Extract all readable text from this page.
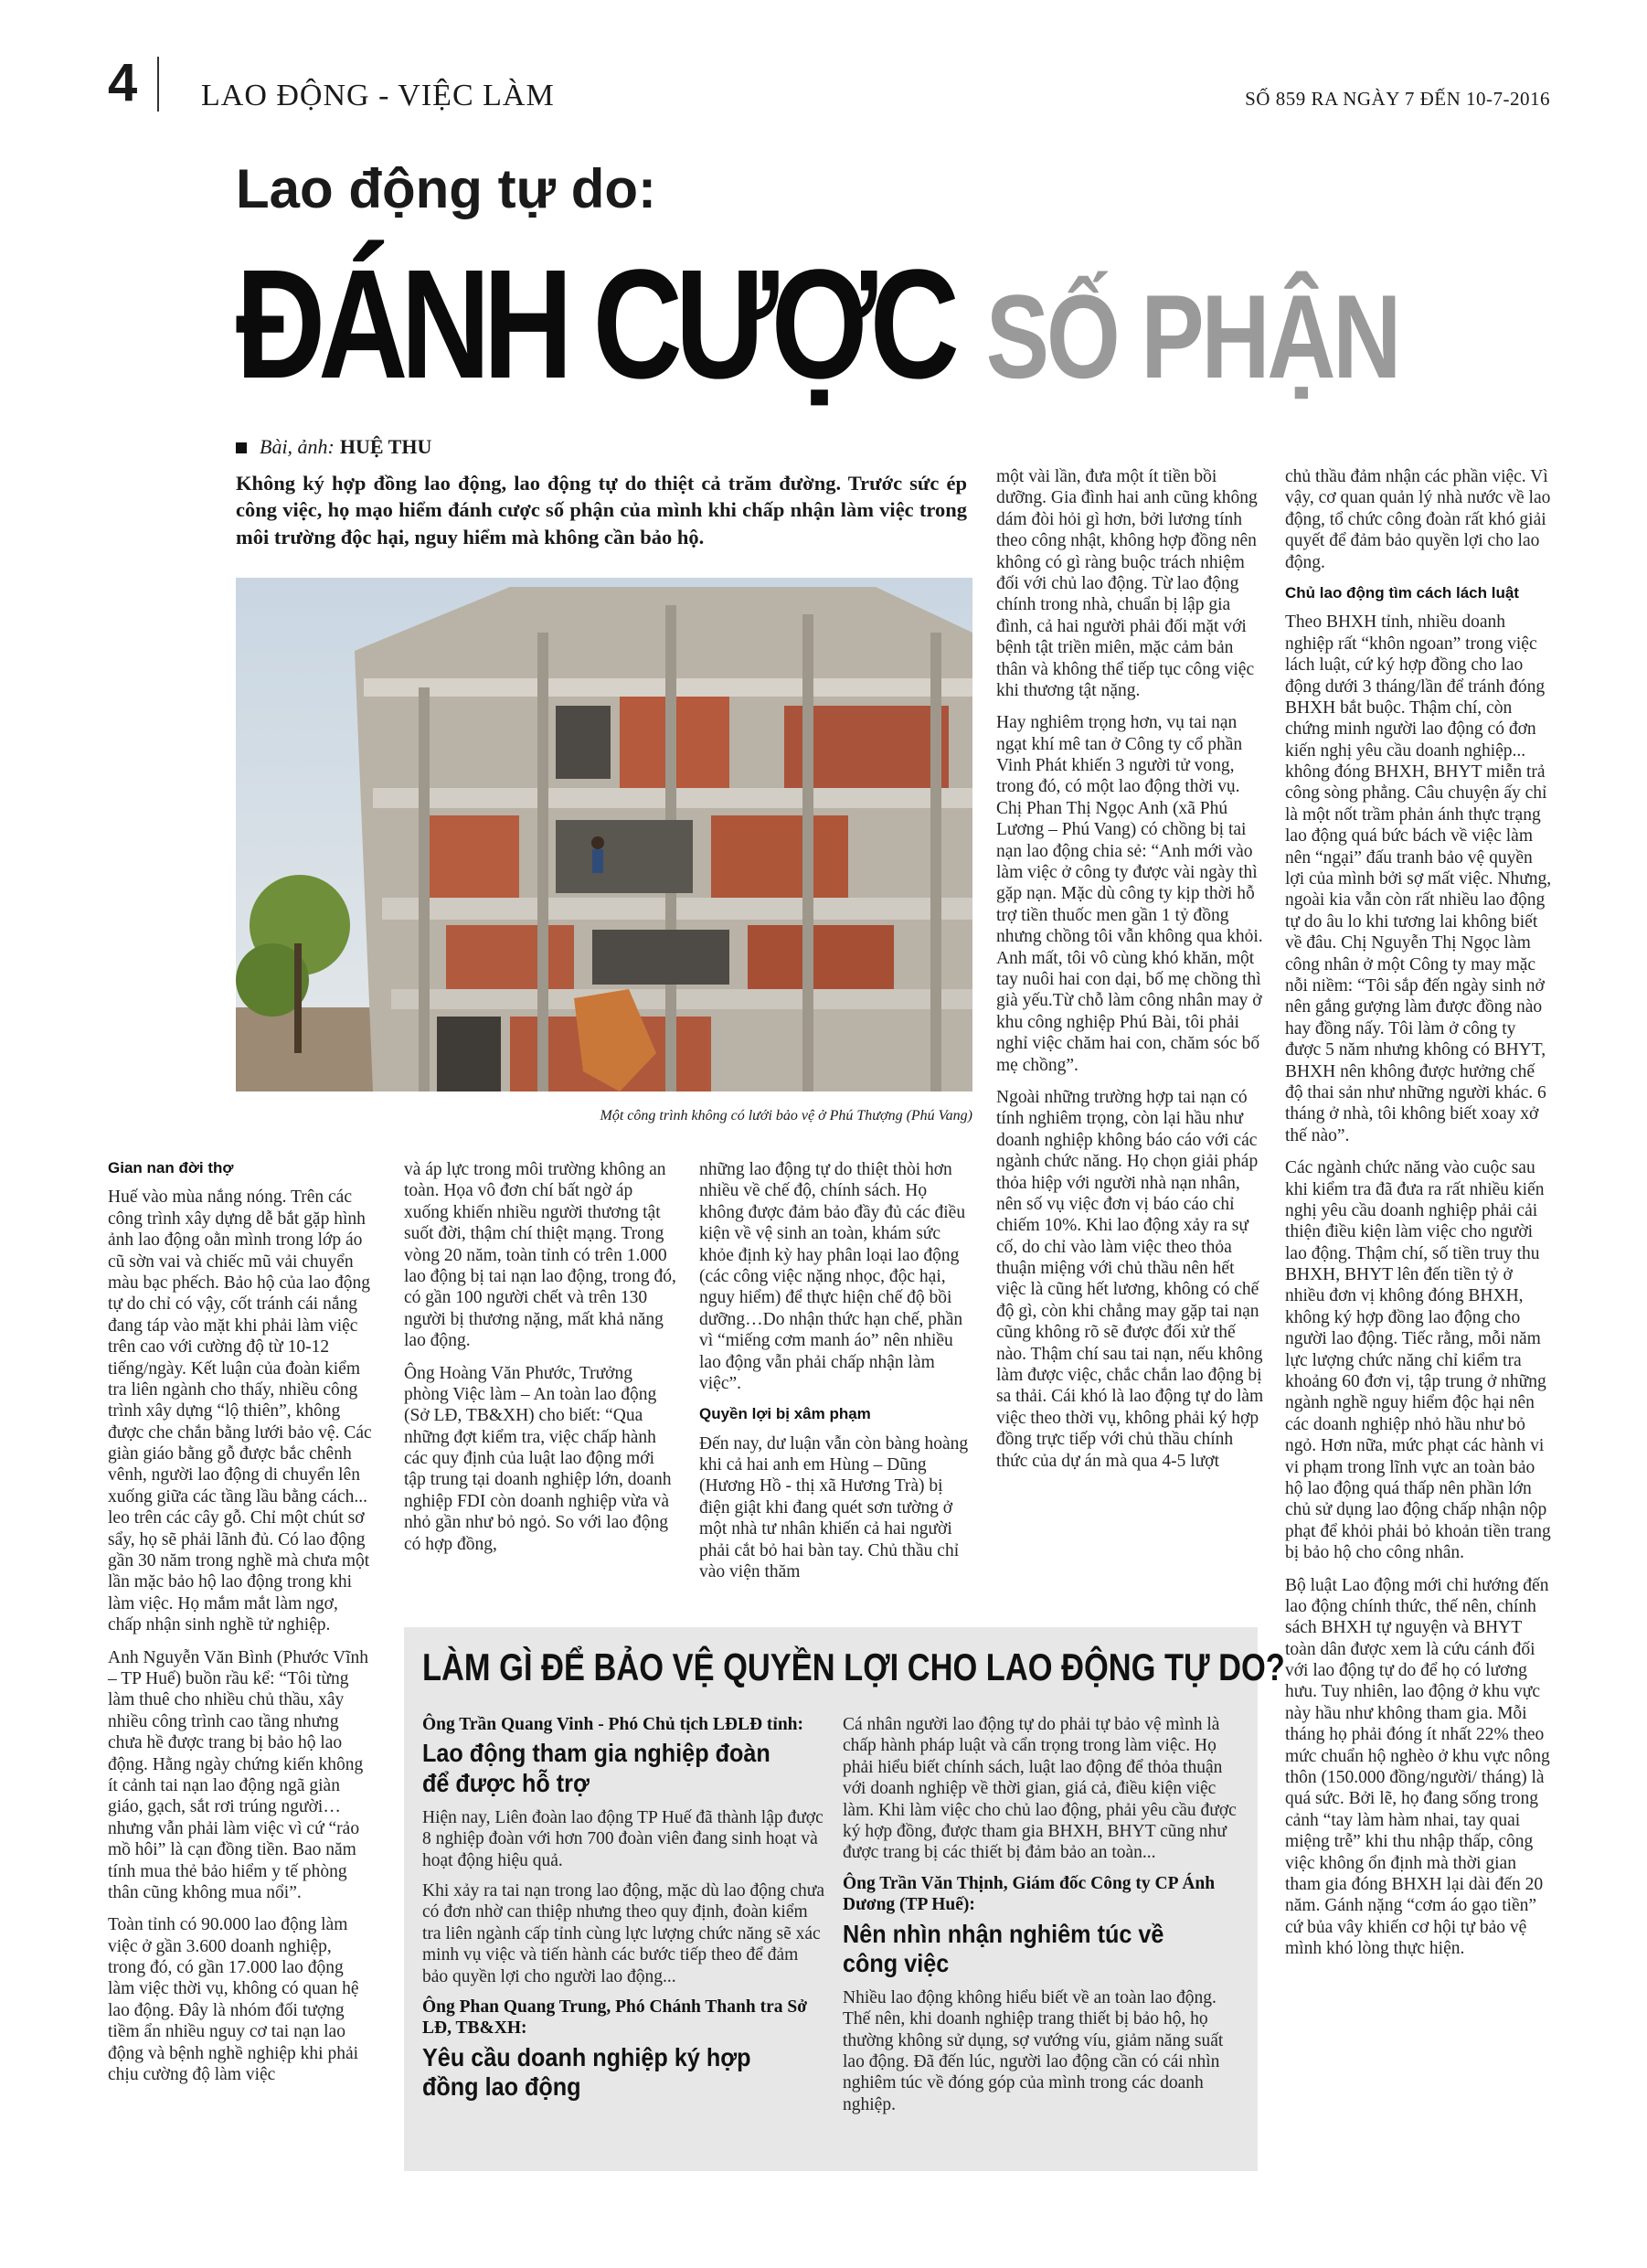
4 LAO ĐỘNG - VIỆC LÀM	SỐ 859 RA NGÀY 7 ĐẾN 10-7-2016
Lao động tự do:
ĐÁNH CƯỢC SỐ PHẬN
Bài, ảnh: HUỆ THU
Không ký hợp đồng lao động, lao động tự do thiệt cả trăm đường. Trước sức ép công việc, họ mạo hiểm đánh cược số phận của mình khi chấp nhận làm việc trong môi trường độc hại, nguy hiểm mà không cần bảo hộ.
Một công trình không có lưới bảo vệ ở Phú Thượng (Phú Vang)
Gian nan đời thợ

Huế vào mùa nắng nóng. Trên các công trình xây dựng dễ bắt gặp hình ảnh lao động oằn mình trong lớp áo cũ sờn vai và chiếc mũ vải chuyển màu bạc phếch. Bảo hộ của lao động tự do chỉ có vậy, cốt tránh cái nắng đang táp vào mặt khi phải làm việc trên cao với cường độ từ 10-12 tiếng/ngày. Kết luận của đoàn kiểm tra liên ngành cho thấy, nhiều công trình xây dựng “lộ thiên”, không được che chắn bằng lưới bảo vệ. Các giàn giáo bằng gỗ được bắc chênh vênh, người lao động di chuyển lên xuống giữa các tầng lầu bằng cách... leo trên các cây gỗ. Chỉ một chút sơ sẩy, họ sẽ phải lãnh đủ. Có lao động gần 30 năm trong nghề mà chưa một lần mặc bảo hộ lao động trong khi làm việc. Họ mắm mắt làm ngơ, chấp nhận sinh nghề tử nghiệp.

Anh Nguyễn Văn Bình (Phước Vĩnh – TP Huế) buồn rầu kể: “Tôi từng làm thuê cho nhiều chủ thầu, xây nhiều công trình cao tầng nhưng chưa hề được trang bị bảo hộ lao động. Hằng ngày chứng kiến không ít cảnh tai nạn lao động ngã giàn giáo, gạch, sắt rơi trúng người… nhưng vẫn phải làm việc vì cứ “rảo mồ hôi” là cạn đồng tiền. Bao năm tính mua thẻ bảo hiểm y tế phòng thân cũng không mua nổi”.

Toàn tỉnh có 90.000 lao động làm việc ở gần 3.600 doanh nghiệp, trong đó, có gần 17.000 lao động làm việc thời vụ, không có quan hệ lao động. Đây là nhóm đối tượng tiềm ẩn nhiều nguy cơ tai nạn lao động và bệnh nghề nghiệp khi phải chịu cường độ làm việc

và áp lực trong môi trường không an toàn. Họa vô đơn chí bất ngờ áp xuống khiến nhiều người thương tật suốt đời, thậm chí thiệt mạng. Trong vòng 20 năm, toàn tỉnh có trên 1.000 lao động bị tai nạn lao động, trong đó, có gần 100 người chết và trên 130 người bị thương nặng, mất khả năng lao động.

Ông Hoàng Văn Phước, Trưởng phòng Việc làm – An toàn lao động (Sở LĐ, TB&XH) cho biết: “Qua những đợt kiểm tra, việc chấp hành các quy định của luật lao động mới tập trung tại doanh nghiệp lớn, doanh nghiệp FDI còn doanh nghiệp vừa và nhỏ gần như bỏ ngỏ. So với lao động có hợp đồng,

những lao động tự do thiệt thòi hơn nhiều về chế độ, chính sách. Họ không được đảm bảo đầy đủ các điều kiện về vệ sinh an toàn, khám sức khỏe định kỳ hay phân loại lao động (các công việc nặng nhọc, độc hại, nguy hiểm) để thực hiện chế độ bồi dưỡng…Do nhận thức hạn chế, phần vì “miếng cơm manh áo” nên nhiều lao động vẫn phải chấp nhận làm việc”.

Quyền lợi bị xâm phạm

Đến nay, dư luận vẫn còn bàng hoàng khi cả hai anh em Hùng – Dũng (Hương Hồ - thị xã Hương Trà) bị điện giật khi đang quét sơn tường ở một nhà tư nhân khiến cả hai người phải cắt bỏ hai bàn tay. Chủ thầu chỉ vào viện thăm

một vài lần, đưa một ít tiền bồi dưỡng. Gia đình hai anh cũng không dám đòi hỏi gì hơn, bởi lương tính theo công nhật, không hợp đồng nên không có gì ràng buộc trách nhiệm đối với chủ lao động. Từ lao động chính trong nhà, chuẩn bị lập gia đình, cả hai người phải đối mặt với bệnh tật triền miên, mặc cảm bản thân và không thể tiếp tục công việc khi thương tật nặng.

Hay nghiêm trọng hơn, vụ tai nạn ngạt khí mê tan ở Công ty cổ phần Vinh Phát khiến 3 người tử vong, trong đó, có một lao động thời vụ. Chị Phan Thị Ngọc Anh (xã Phú Lương – Phú Vang) có chồng bị tai nạn lao động chia sẻ: “Anh mới vào làm việc ở công ty được vài ngày thì gặp nạn. Mặc dù công ty kịp thời hỗ trợ tiền thuốc men gần 1 tỷ đồng nhưng chồng tôi vẫn không qua khỏi. Anh mất, tôi vô cùng khó khăn, một tay nuôi hai con dại, bố mẹ chồng thì già yếu.Từ chỗ làm công nhân may ở khu công nghiệp Phú Bài, tôi phải nghỉ việc chăm hai con, chăm sóc bố mẹ chồng”.

Ngoài những trường hợp tai nạn có tính nghiêm trọng, còn lại hầu như doanh nghiệp không báo cáo với các ngành chức năng. Họ chọn giải pháp thỏa hiệp với người nhà nạn nhân, nên số vụ việc đơn vị báo cáo chỉ chiếm 10%. Khi lao động xảy ra sự cố, do chỉ vào làm việc theo thỏa thuận miệng với chủ thầu nên hết việc là cũng hết lương, không có chế độ gì, còn khi chẳng may gặp tai nạn cũng không rõ sẽ được đối xử thế nào. Thậm chí sau tai nạn, nếu không làm được việc, chắc chắn lao động bị sa thải. Cái khó là lao động tự do làm việc theo thời vụ, không phải ký hợp đồng trực tiếp với chủ thầu chính thức của dự án mà qua 4-5 lượt

chủ thầu đảm nhận các phần việc. Vì vậy, cơ quan quản lý nhà nước về lao động, tổ chức công đoàn rất khó giải quyết để đảm bảo quyền lợi cho lao động.

Chủ lao động tìm cách lách luật

Theo BHXH tỉnh, nhiều doanh nghiệp rất “khôn ngoan” trong việc lách luật, cứ ký hợp đồng cho lao động dưới 3 tháng/lần để tránh đóng BHXH bắt buộc. Thậm chí, còn chứng minh người lao động có đơn kiến nghị yêu cầu doanh nghiệp... không đóng BHXH, BHYT miễn trả công sòng phẳng. Câu chuyện ấy chỉ là một nốt trầm phản ánh thực trạng lao động quá bức bách về việc làm nên “ngại” đấu tranh bảo vệ quyền lợi của mình bởi sợ mất việc. Nhưng, ngoài kia vẫn còn rất nhiều lao động tự do âu lo khi tương lai không biết về đâu. Chị Nguyễn Thị Ngọc làm công nhân ở một Công ty may mặc nỗi niềm: “Tôi sắp đến ngày sinh nở nên gắng gượng làm được đồng nào hay đồng nấy. Tôi làm ở công ty được 5 năm nhưng không có BHYT, BHXH nên không được hưởng chế độ thai sản như những người khác. 6 tháng ở nhà, tôi không biết xoay xở thế nào”.

Các ngành chức năng vào cuộc sau khi kiểm tra đã đưa ra rất nhiều kiến nghị yêu cầu doanh nghiệp phải cải thiện điều kiện làm việc cho người lao động. Thậm chí, số tiền truy thu BHXH, BHYT lên đến tiền tỷ ở nhiều đơn vị không đóng BHXH, không ký hợp đồng lao động cho người lao động. Tiếc rằng, mỗi năm lực lượng chức năng chỉ kiểm tra khoảng 60 đơn vị, tập trung ở những ngành nghề nguy hiểm độc hại nên các doanh nghiệp nhỏ hầu như bỏ ngỏ. Hơn nữa, mức phạt các hành vi vi phạm trong lĩnh vực an toàn bảo hộ lao động quá thấp nên phần lớn chủ sử dụng lao động chấp nhận nộp phạt để khỏi phải bỏ khoản tiền trang bị bảo hộ cho công nhân.

Bộ luật Lao động mới chỉ hướng đến lao động chính thức, thế nên, chính sách BHXH tự nguyện và BHYT toàn dân được xem là cứu cánh đối với lao động tự do để họ có lương hưu. Tuy nhiên, lao động ở khu vực này hầu như không tham gia. Mỗi tháng họ phải đóng ít nhất 22% theo mức chuẩn hộ nghèo ở khu vực nông thôn (150.000 đồng/người/ tháng) là quá sức. Bởi lẽ, họ đang sống trong cảnh “tay làm hàm nhai, tay quai miệng trễ” khi thu nhập thấp, công việc không ổn định mà thời gian tham gia đóng BHXH lại dài đến 20 năm. Gánh nặng “cơm áo gạo tiền” cứ bủa vây khiến cơ hội tự bảo vệ mình khó lòng thực hiện.

LÀM GÌ ĐỂ BẢO VỆ QUYỀN LỢI CHO LAO ĐỘNG TỰ DO?
Ông Trần Quang Vinh - Phó Chủ tịch LĐLĐ tỉnh:
Lao động tham gia nghiệp đoàn để được hỗ trợ

Hiện nay, Liên đoàn lao động TP Huế đã thành lập được 8 nghiệp đoàn với hơn 700 đoàn viên đang sinh hoạt và hoạt động hiệu quả.

Khi xảy ra tai nạn trong lao động, mặc dù lao động chưa có đơn nhờ can thiệp nhưng theo quy định, đoàn kiểm tra liên ngành cấp tỉnh cùng lực lượng chức năng sẽ xác minh vụ việc và tiến hành các bước tiếp theo để đảm bảo quyền lợi cho người lao động...

Ông Phan Quang Trung, Phó Chánh Thanh tra Sở LĐ, TB&XH:
Yêu cầu doanh nghiệp ký hợp đồng lao động

Cá nhân người lao động tự do phải tự bảo vệ mình là chấp hành pháp luật và cẩn trọng trong làm việc. Họ phải hiểu biết chính sách, luật lao động để thỏa thuận với doanh nghiệp về thời gian, giá cả, điều kiện việc làm. Khi làm việc cho chủ lao động, phải yêu cầu được ký hợp đồng, được tham gia BHXH, BHYT cũng như được trang bị các thiết bị đảm bảo an toàn...

Ông Trần Văn Thịnh, Giám đốc Công ty CP Ánh Dương (TP Huế):
Nên nhìn nhận nghiêm túc về công việc

Nhiều lao động không hiểu biết về an toàn lao động. Thế nên, khi doanh nghiệp trang thiết bị bảo hộ, họ thường không sử dụng, sợ vướng víu, giảm năng suất lao động. Đã đến lúc, người lao động cần có cái nhìn nghiêm túc về đóng góp của mình trong các doanh nghiệp.
